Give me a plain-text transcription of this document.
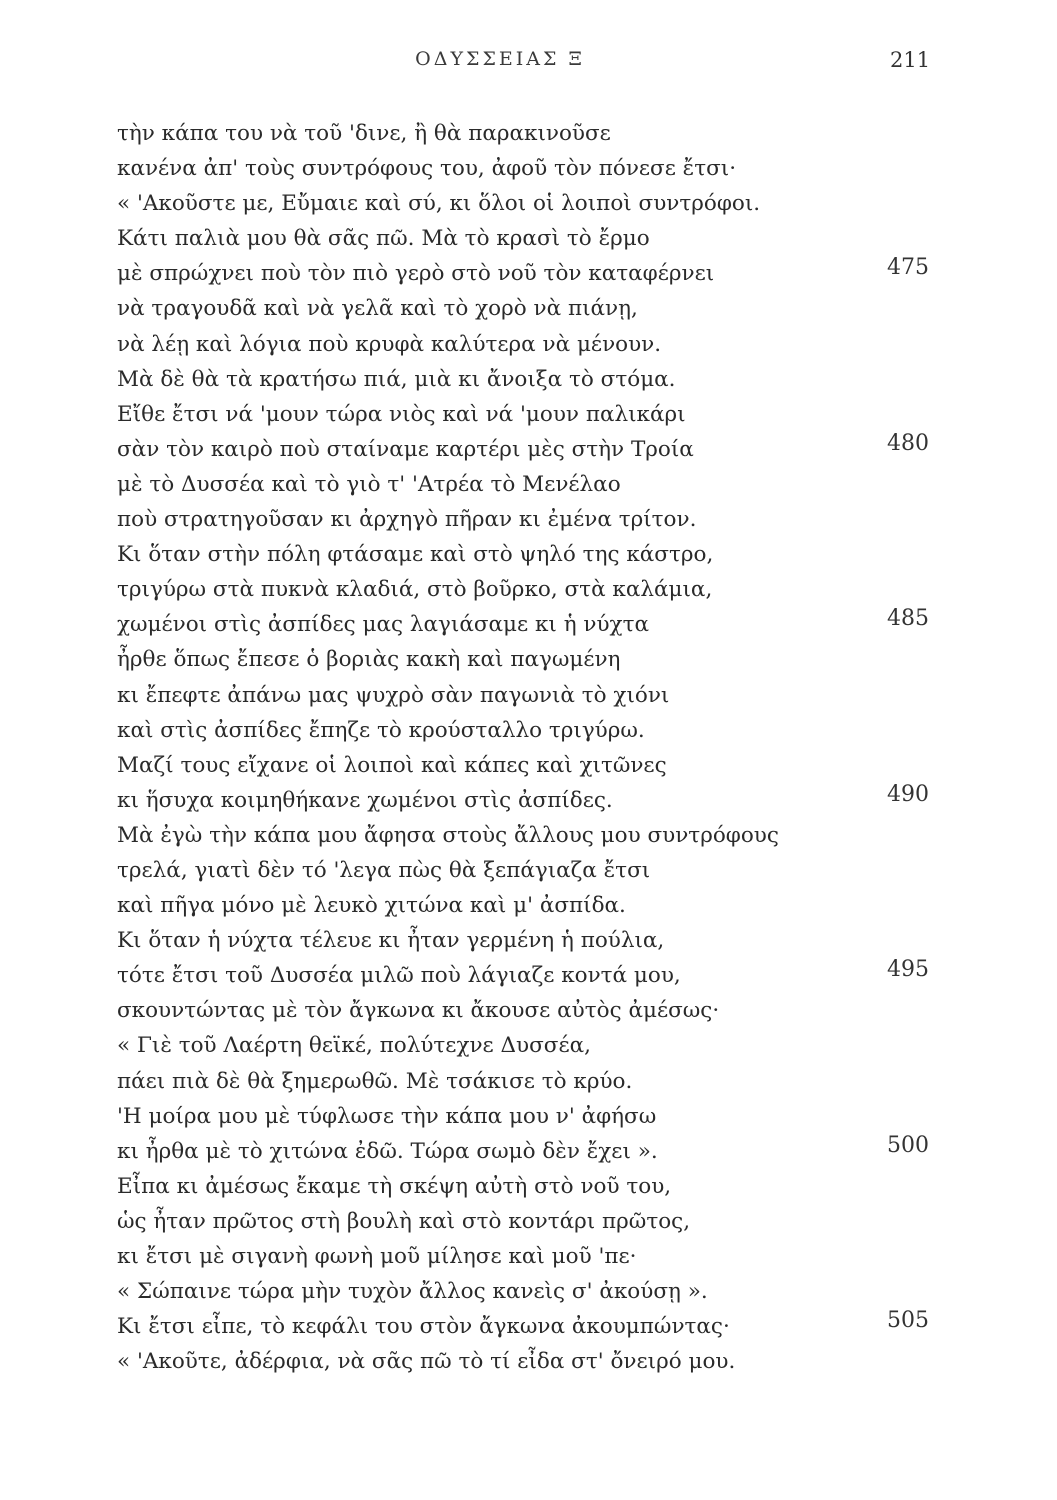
ΟΔΥΣΣΕΙΑΣ Ξ	211
τὴν κάπα του νὰ τοῦ 'δινε, ἢ θὰ παρακινοῦσε
κανένα ἀπ' τοὺς συντρόφους του, ἀφοῦ τὸν πόνεσε ἔτσι·
« 'Ακοῦστε με, Εὔμαιε καὶ σύ, κι ὅλοι οἱ λοιποὶ συντρόφοι.
Κάτι παλιὰ μου θὰ σᾶς πῶ. Μὰ τὸ κρασὶ τὸ ἔρμο
μὲ σπρώχνει ποὺ τὸν πιὸ γερὸ στὸ νοῦ τὸν καταφέρνει	475
νὰ τραγουδᾶ καὶ νὰ γελᾶ καὶ τὸ χορὸ νὰ πιάνῃ,
νὰ λέῃ καὶ λόγια ποὺ κρυφὰ καλύτερα νὰ μένουν.
Μὰ δὲ θὰ τὰ κρατήσω πιά, μιὰ κι ἄνοιξα τὸ στόμα.
Εἴθε ἔτσι νά 'μουν τώρα νιὸς καὶ νά 'μουν παλικάρι
σὰν τὸν καιρὸ ποὺ σταίναμε καρτέρι μὲς στὴν Τροία	480
μὲ τὸ Δυσσέα καὶ τὸ γιὸ τ' 'Ατρέα τὸ Μενέλαο
ποὺ στρατηγοῦσαν κι ἀρχηγὸ πῆραν κι ἐμένα τρίτον.
Κι ὅταν στὴν πόλη φτάσαμε καὶ στὸ ψηλό της κάστρο,
τριγύρω στὰ πυκνὰ κλαδιά, στὸ βοῦρκο, στὰ καλάμια,
χωμένοι στὶς ἀσπίδες μας λαγιάσαμε κι ἡ νύχτα	485
ἦρθε ὅπως ἔπεσε ὁ βοριὰς κακὴ καὶ παγωμένη
κι ἔπεφτε ἀπάνω μας ψυχρὸ σὰν παγωνιὰ τὸ χιόνι
καὶ στὶς ἀσπίδες ἔπηζε τὸ κρούσταλλο τριγύρω.
Μαζί τους εἴχανε οἱ λοιποὶ καὶ κάπες καὶ χιτῶνες
κι ἥσυχα κοιμηθήκανε χωμένοι στὶς ἀσπίδες.	490
Μὰ ἐγὼ τὴν κάπα μου ἄφησα στοὺς ἄλλους μου συντρόφους
τρελά, γιατὶ δὲν τό 'λεγα πὼς θὰ ξεπάγιαζα ἔτσι
καὶ πῆγα μόνο μὲ λευκὸ χιτώνα καὶ μ' ἀσπίδα.
Κι ὅταν ἡ νύχτα τέλευε κι ἦταν γερμένη ἡ πούλια,
τότε ἔτσι τοῦ Δυσσέα μιλῶ ποὺ λάγιαζε κοντά μου,	495
σκουντώντας μὲ τὸν ἄγκωνα κι ἄκουσε αὐτὸς ἀμέσως·
« Γιὲ τοῦ Λαέρτη θεϊκέ, πολύτεχνε Δυσσέα,
πάει πιὰ δὲ θὰ ξημερωθῶ. Μὲ τσάκισε τὸ κρύο.
'Η μοίρα μου μὲ τύφλωσε τὴν κάπα μου ν' ἀφήσω
κι ἦρθα μὲ τὸ χιτώνα ἐδῶ. Τώρα σωμὸ δὲν ἔχει ».	500
Εἶπα κι ἀμέσως ἔκαμε τὴ σκέψη αὐτὴ στὸ νοῦ του,
ὡς ἦταν πρῶτος στὴ βουλὴ καὶ στὸ κοντάρι πρῶτος,
κι ἔτσι μὲ σιγανὴ φωνὴ μοῦ μίλησε καὶ μοῦ 'πε·
« Σώπαινε τώρα μὴν τυχὸν ἄλλος κανεὶς σ' ἀκούσῃ ».
Κι ἔτσι εἶπε, τὸ κεφάλι του στὸν ἄγκωνα ἀκουμπώντας·	505
« 'Ακοῦτε, ἀδέρφια, νὰ σᾶς πῶ τὸ τί εἶδα στ' ὄνειρό μου.
